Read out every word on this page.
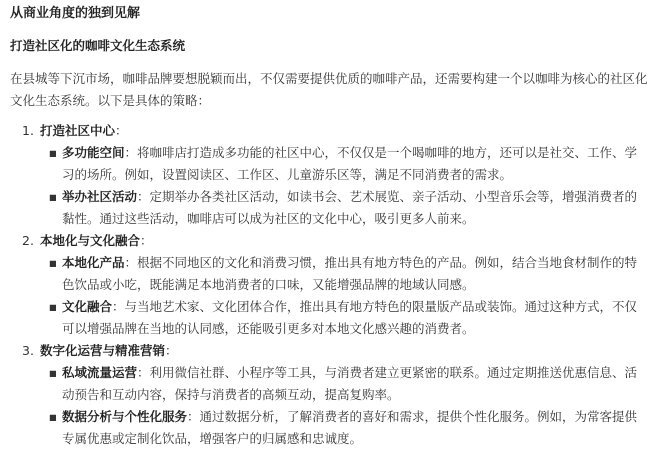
从商业角度的独到见解
打造社区化的咖啡文化生态系统

在县城等下沉市场，咖啡品牌要想脱颖而出，不仅需要提供优质的咖啡产品，还需要构建一个以咖啡为核心的社区化文化生态系统。以下是具体的策略：

1. 打造社区中心：
▪ 多功能空间：将咖啡店打造成多功能的社区中心，不仅仅是一个喝咖啡的地方，还可以是社交、工作、学习的场所。例如，设置阅读区、工作区、儿童游乐区等，满足不同消费者的需求。
▪ 举办社区活动：定期举办各类社区活动，如读书会、艺术展览、亲子活动、小型音乐会等，增强消费者的黏性。通过这些活动，咖啡店可以成为社区的文化中心，吸引更多人前来。
2. 本地化与文化融合：
▪ 本地化产品：根据不同地区的文化和消费习惯，推出具有地方特色的产品。例如，结合当地食材制作的特色饮品或小吃，既能满足本地消费者的口味，又能增强品牌的地域认同感。
▪ 文化融合：与当地艺术家、文化团体合作，推出具有地方特色的限量版产品或装饰。通过这种方式，不仅可以增强品牌在当地的认同感，还能吸引更多对本地文化感兴趣的消费者。
3. 数字化运营与精准营销：
▪ 私域流量运营：利用微信社群、小程序等工具，与消费者建立更紧密的联系。通过定期推送优惠信息、活动预告和互动内容，保持与消费者的高频互动，提高复购率。
▪ 数据分析与个性化服务：通过数据分析，了解消费者的喜好和需求，提供个性化服务。例如，为常客提供专属优惠或定制化饮品，增强客户的归属感和忠诚度。
